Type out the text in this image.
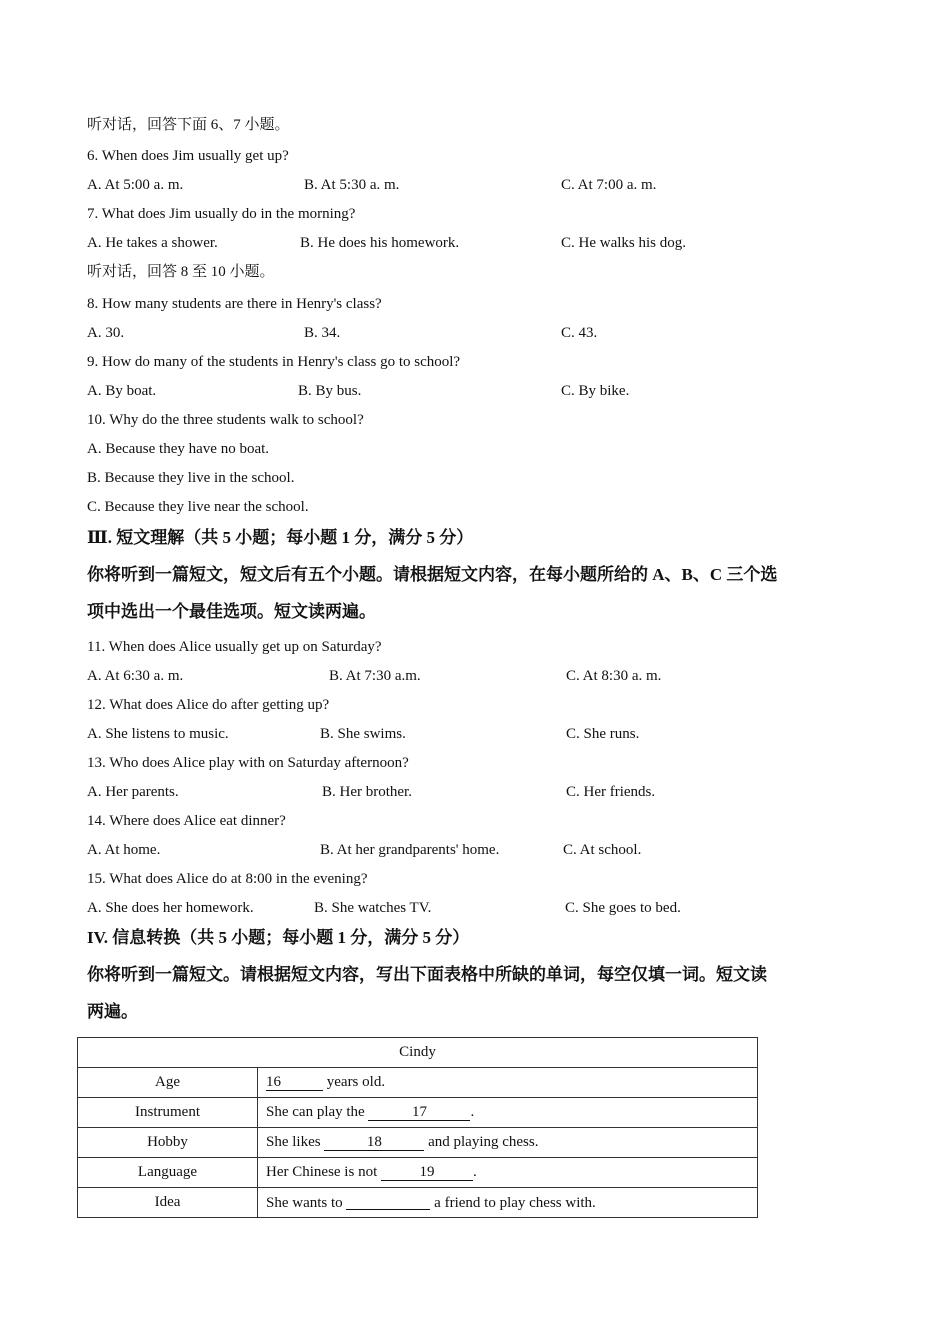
听对话，回答下面 6、7 小题。
6. When does Jim usually get up?
A. At 5:00 a. m.	B. At 5:30 a. m.	C. At 7:00 a. m.
7. What does Jim usually do in the morning?
A. He takes a shower.	B. He does his homework.	C. He walks his dog.
听对话，回答 8 至 10 小题。
8. How many students are there in Henry's class?
A. 30.	B. 34.	C. 43.
9. How do many of the students in Henry's class go to school?
A. By boat.	B. By bus.	C. By bike.
10. Why do the three students walk to school?
A. Because they have no boat.
B. Because they live in the school.
C. Because they live near the school.
Ⅲ. 短文理解（共 5 小题；每小题 1 分，满分 5 分）
你将听到一篇短文，短文后有五个小题。请根据短文内容，在每小题所给的 A、B、C 三个选
项中选出一个最佳选项。短文读两遍。
11. When does Alice usually get up on Saturday?
A. At 6:30 a. m.	B. At 7:30 a.m.	C. At 8:30 a. m.
12. What does Alice do after getting up?
A. She listens to music.	B. She swims.	C. She runs.
13. Who does Alice play with on Saturday afternoon?
A. Her parents.	B. Her brother.	C. Her friends.
14. Where does Alice eat dinner?
A. At home.	B. At her grandparents' home.	C. At school.
15. What does Alice do at 8:00 in the evening?
A. She does her homework.	B. She watches TV.	C. She goes to bed.
IV. 信息转换（共 5 小题；每小题 1 分，满分 5 分）
你将听到一篇短文。请根据短文内容，写出下面表格中所缺的单词，每空仅填一词。短文读
两遍。
Cindy	
Age	16 years old.
Instrument	She can play the 17 .
Hobby	She likes 18 and playing chess.
Language	Her Chinese is not 19 .
Idea	She wants to a friend to play chess with.
